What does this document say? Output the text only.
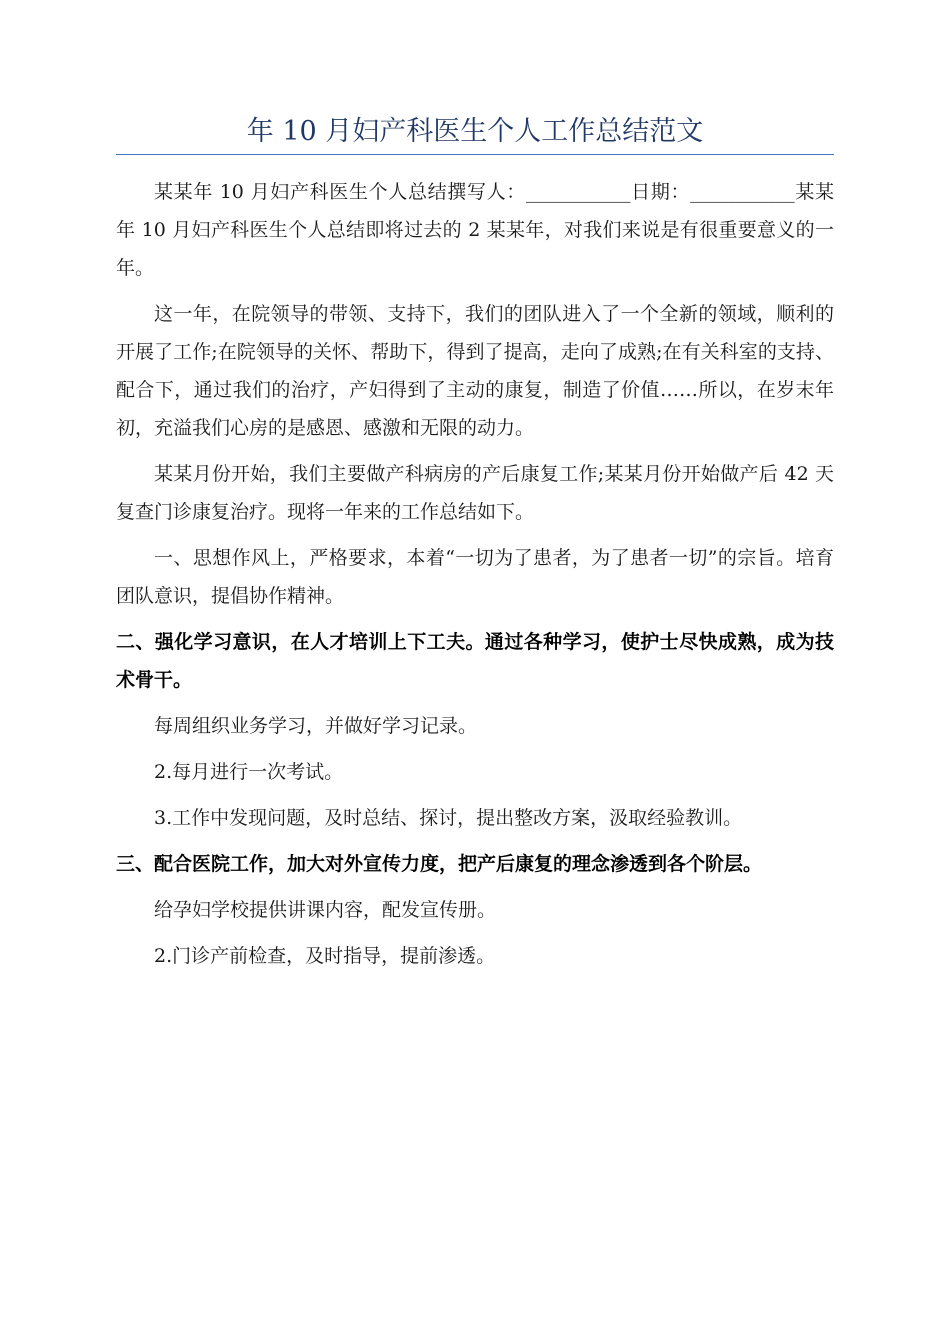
年 10 月妇产科医生个人工作总结范文

某某年 10 月妇产科医生个人总结撰写人：___________日期：___________某某年 10 月妇产科医生个人总结即将过去的 2 某某年，对我们来说是有很重要意义的一年。

这一年，在院领导的带领、支持下，我们的团队进入了一个全新的领域，顺利的开展了工作;在院领导的关怀、帮助下，得到了提高，走向了成熟;在有关科室的支持、配合下，通过我们的治疗，产妇得到了主动的康复，制造了价值……所以，在岁末年初，充溢我们心房的是感恩、感激和无限的动力。

某某月份开始，我们主要做产科病房的产后康复工作;某某月份开始做产后 42 天复查门诊康复治疗。现将一年来的工作总结如下。

一、思想作风上，严格要求，本着“一切为了患者，为了患者一切”的宗旨。培育团队意识，提倡协作精神。

二、强化学习意识，在人才培训上下工夫。通过各种学习，使护士尽快成熟，成为技术骨干。

每周组织业务学习，并做好学习记录。

2.每月进行一次考试。

3.工作中发现问题，及时总结、探讨，提出整改方案，汲取经验教训。

三、配合医院工作，加大对外宣传力度，把产后康复的理念渗透到各个阶层。

给孕妇学校提供讲课内容，配发宣传册。

2.门诊产前检查，及时指导，提前渗透。
